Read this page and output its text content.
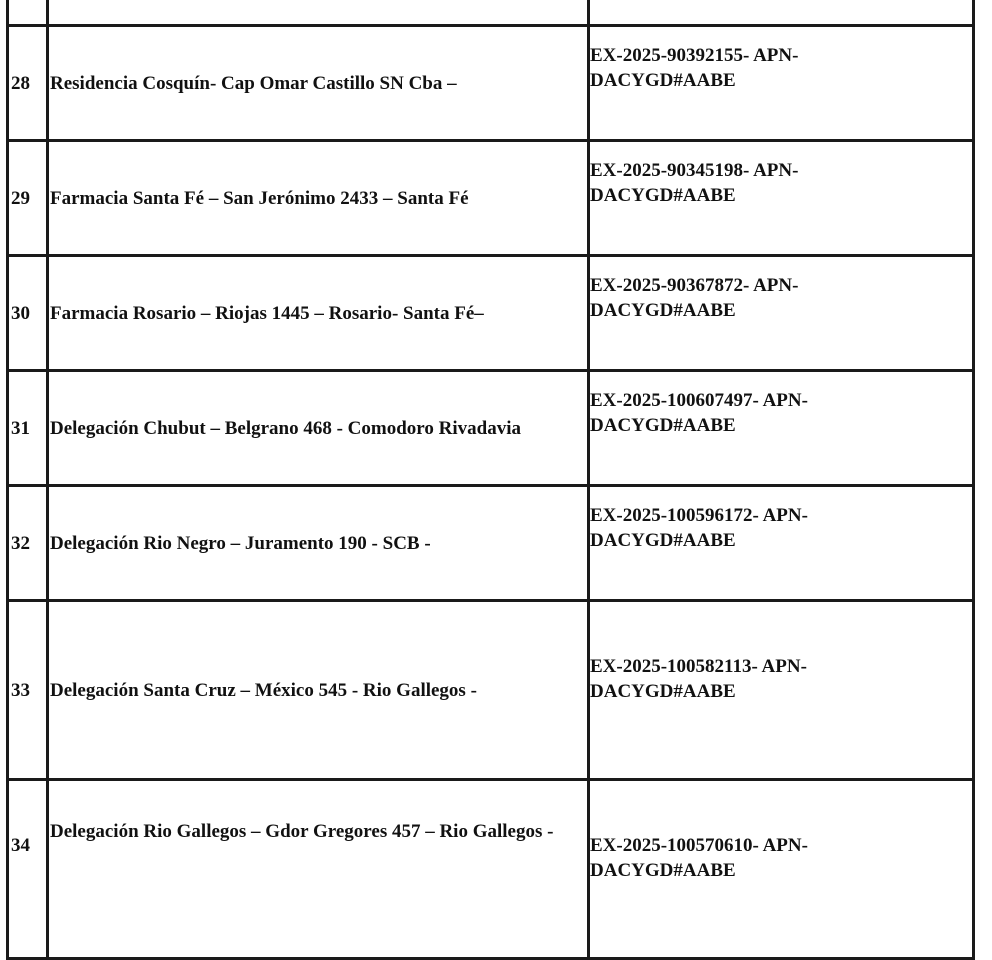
28	Residencia Cosquín- Cap Omar Castillo SN Cba –	EX-2025-90392155- APN-
DACYGD#AABE

29	Farmacia Santa Fé – San Jerónimo 2433 – Santa Fé	EX-2025-90345198- APN-
DACYGD#AABE

30	Farmacia Rosario – Riojas 1445 – Rosario- Santa Fé–	EX-2025-90367872- APN-
DACYGD#AABE

31	Delegación Chubut – Belgrano 468 - Comodoro Rivadavia	EX-2025-100607497- APN-
DACYGD#AABE

32	Delegación Rio Negro – Juramento 190 - SCB -	EX-2025-100596172- APN-
DACYGD#AABE

33	Delegación Santa Cruz – México 545 - Rio Gallegos -	EX-2025-100582113- APN-
DACYGD#AABE

34	Delegación Rio Gallegos – Gdor Gregores 457 – Rio Gallegos -	EX-2025-100570610- APN-
DACYGD#AABE
